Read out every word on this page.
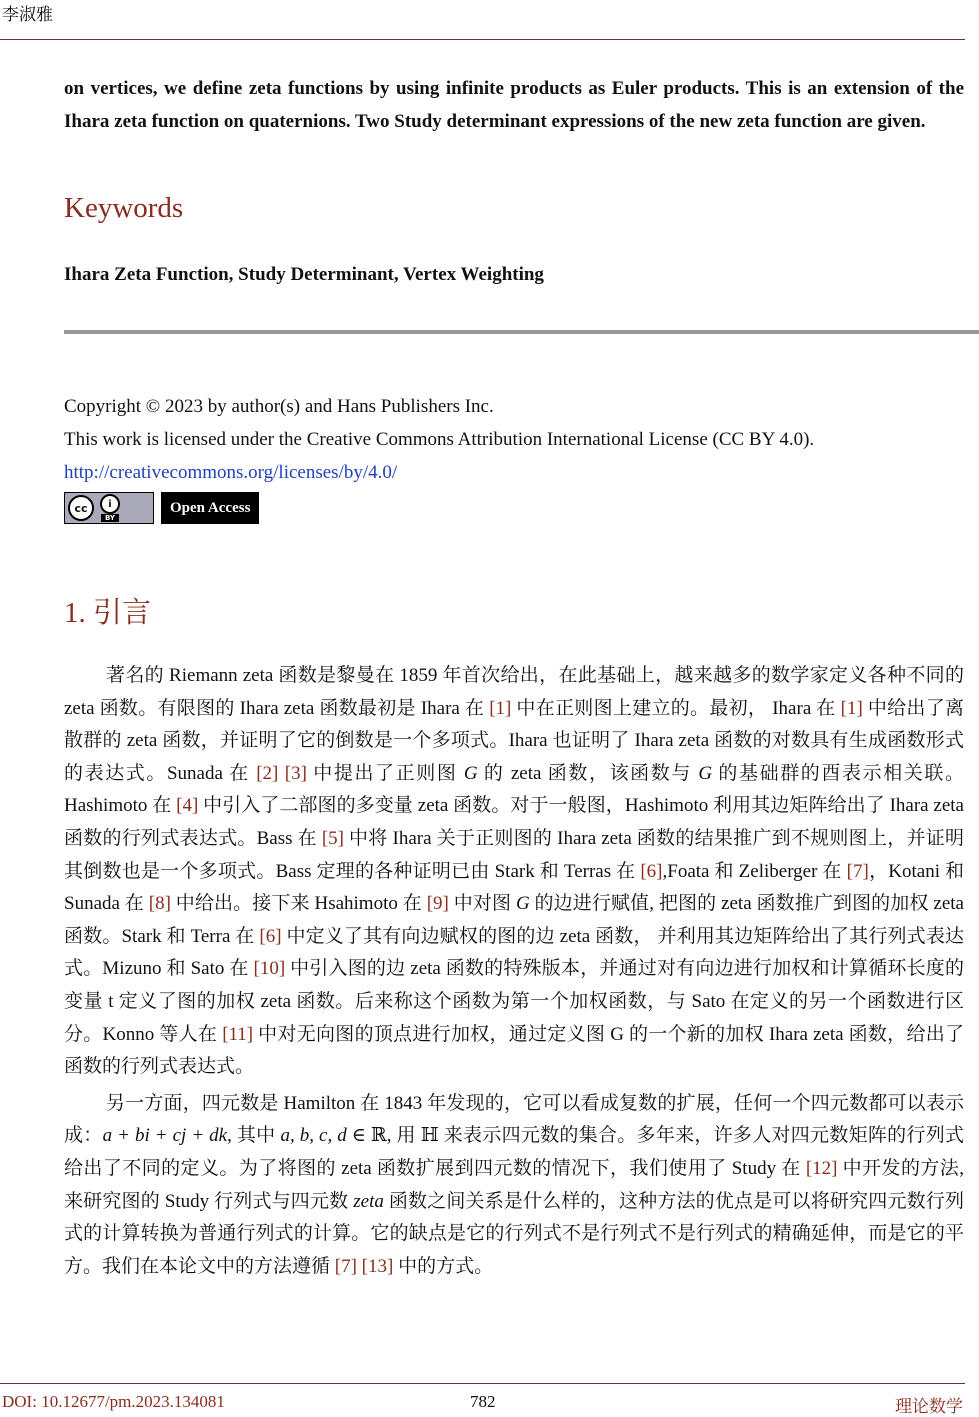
李淑雅
on vertices, we define zeta functions by using infinite products as Euler products. This is an extension of the Ihara zeta function on quaternions. Two Study determinant expressions of the new zeta function are given.
Keywords
Ihara Zeta Function, Study Determinant, Vertex Weighting
Copyright © 2023 by author(s) and Hans Publishers Inc.
This work is licensed under the Creative Commons Attribution International License (CC BY 4.0).
http://creativecommons.org/licenses/by/4.0/
cc	i
BY
Open Access
1. 引言

著名的 Riemann zeta 函数是黎曼在 1859 年首次给出，在此基础上，越来越多的数学家定义各种不同的 zeta 函数。有限图的 Ihara zeta 函数最初是 Ihara 在 [1] 中在正则图上建立的。最初， Ihara 在 [1] 中给出了离散群的 zeta 函数，并证明了它的倒数是一个多项式。Ihara 也证明了 Ihara zeta 函数的对数具有生成函数形式的表达式。Sunada 在 [2] [3] 中提出了正则图 G 的 zeta 函数，该函数与 G 的基础群的酉表示相关联。Hashimoto 在 [4] 中引入了二部图的多变量 zeta 函数。对于一般图，Hashimoto 利用其边矩阵给出了 Ihara zeta 函数的行列式表达式。Bass 在 [5] 中将 Ihara 关于正则图的 Ihara zeta 函数的结果推广到不规则图上，并证明其倒数也是一个多项式。Bass 定理的各种证明已由 Stark 和 Terras 在 [6],Foata 和 Zeliberger 在 [7]，Kotani 和 Sunada 在 [8] 中给出。接下来 Hsahimoto 在 [9] 中对图 G 的边进行赋值, 把图的 zeta 函数推广到图的加权 zeta 函数。Stark 和 Terra 在 [6] 中定义了其有向边赋权的图的边 zeta 函数， 并利用其边矩阵给出了其行列式表达式。Mizuno 和 Sato 在 [10] 中引入图的边 zeta 函数的特殊版本，并通过对有向边进行加权和计算循环长度的变量 t 定义了图的加权 zeta 函数。后来称这个函数为第一个加权函数，与 Sato 在定义的另一个函数进行区分。Konno 等人在 [11] 中对无向图的顶点进行加权，通过定义图 G 的一个新的加权 Ihara zeta 函数，给出了函数的行列式表达式。

另一方面，四元数是 Hamilton 在 1843 年发现的，它可以看成复数的扩展，任何一个四元数都可以表示成：a + bi + cj + dk, 其中 a, b, c, d ∈ ℝ, 用 ℍ 来表示四元数的集合。多年来，许多人对四元数矩阵的行列式给出了不同的定义。为了将图的 zeta 函数扩展到四元数的情况下，我们使用了 Study 在 [12] 中开发的方法, 来研究图的 Study 行列式与四元数 zeta 函数之间关系是什么样的，这种方法的优点是可以将研究四元数行列式的计算转换为普通行列式的计算。它的缺点是它的行列式不是行列式不是行列式的精确延伸，而是它的平方。我们在本论文中的方法遵循 [7] [13] 中的方式。

DOI: 10.12677/pm.2023.134081	782	理论数学
